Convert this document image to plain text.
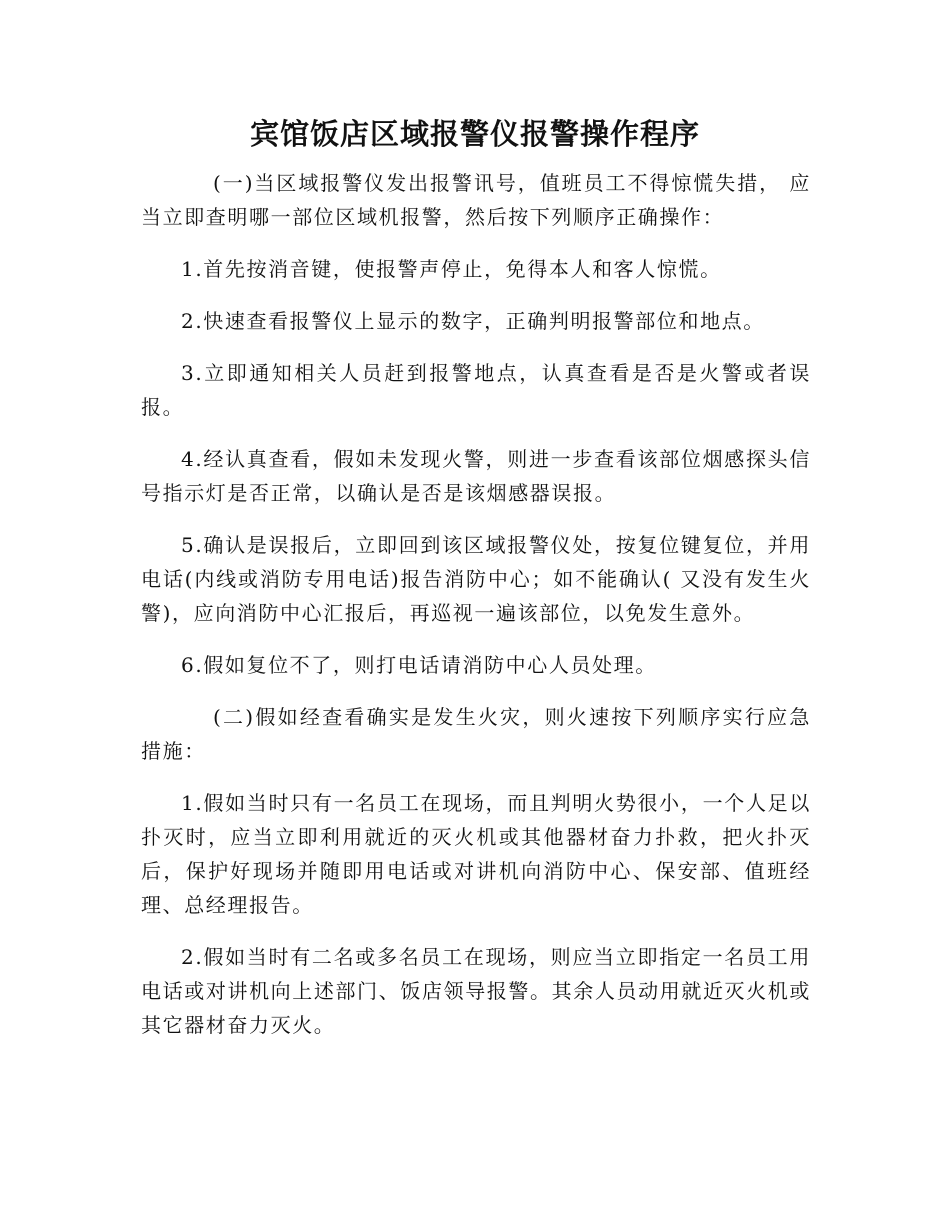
宾馆饭店区域报警仪报警操作程序

(一)当区域报警仪发出报警讯号，值班员工不得惊慌失措， 应当立即查明哪一部位区域机报警，然后按下列顺序正确操作：

1.首先按消音键，使报警声停止，免得本人和客人惊慌。

2.快速查看报警仪上显示的数字，正确判明报警部位和地点。

3.立即通知相关人员赶到报警地点，认真查看是否是火警或者误报。

4.经认真查看，假如未发现火警，则进一步查看该部位烟感探头信号指示灯是否正常，以确认是否是该烟感器误报。

5.确认是误报后，立即回到该区域报警仪处，按复位键复位，并用电话(内线或消防专用电话)报告消防中心；如不能确认( 又没有发生火警)，应向消防中心汇报后，再巡视一遍该部位，以免发生意外。

6.假如复位不了，则打电话请消防中心人员处理。

(二)假如经查看确实是发生火灾，则火速按下列顺序实行应急措施：

1.假如当时只有一名员工在现场，而且判明火势很小，一个人足以扑灭时，应当立即利用就近的灭火机或其他器材奋力扑救，把火扑灭后，保护好现场并随即用电话或对讲机向消防中心、保安部、值班经理、总经理报告。

2.假如当时有二名或多名员工在现场，则应当立即指定一名员工用电话或对讲机向上述部门、饭店领导报警。其余人员动用就近灭火机或其它器材奋力灭火。
